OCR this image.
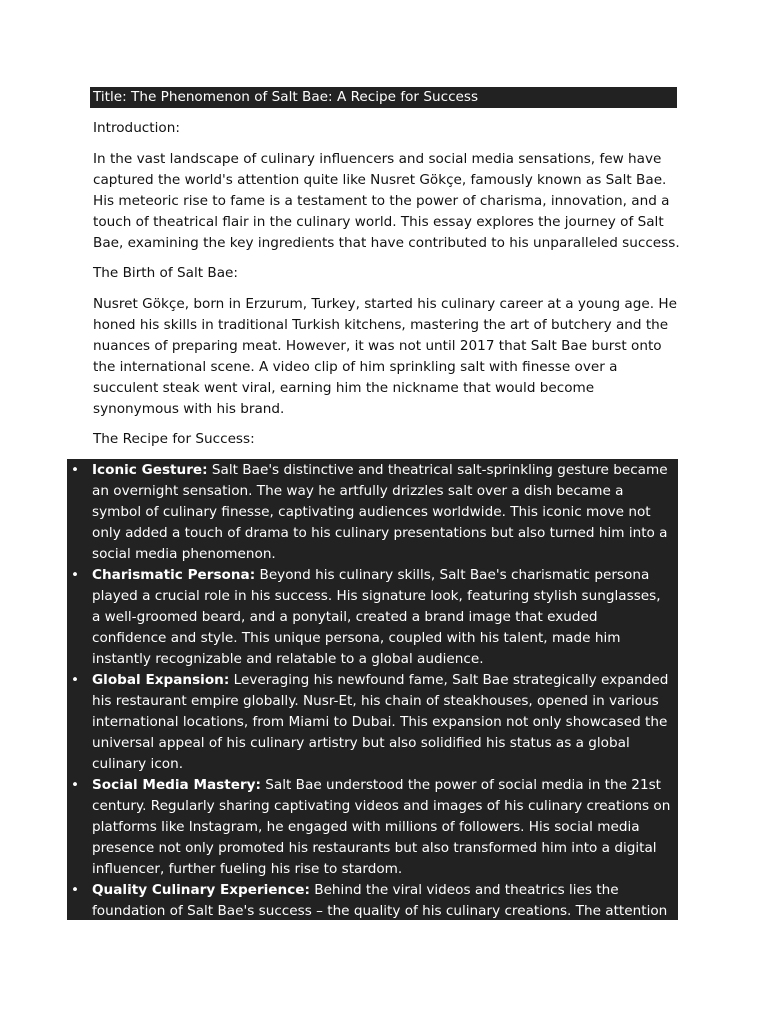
Title: The Phenomenon of Salt Bae: A Recipe for Success

Introduction:

In the vast landscape of culinary influencers and social media sensations, few have captured the world's attention quite like Nusret Gökçe, famously known as Salt Bae. His meteoric rise to fame is a testament to the power of charisma, innovation, and a touch of theatrical flair in the culinary world. This essay explores the journey of Salt Bae, examining the key ingredients that have contributed to his unparalleled success.

The Birth of Salt Bae:

Nusret Gökçe, born in Erzurum, Turkey, started his culinary career at a young age. He honed his skills in traditional Turkish kitchens, mastering the art of butchery and the nuances of preparing meat. However, it was not until 2017 that Salt Bae burst onto the international scene. A video clip of him sprinkling salt with finesse over a succulent steak went viral, earning him the nickname that would become synonymous with his brand.

The Recipe for Success:

• Iconic Gesture: Salt Bae's distinctive and theatrical salt-sprinkling gesture became an overnight sensation. The way he artfully drizzles salt over a dish became a symbol of culinary finesse, captivating audiences worldwide. This iconic move not only added a touch of drama to his culinary presentations but also turned him into a social media phenomenon.
• Charismatic Persona: Beyond his culinary skills, Salt Bae's charismatic persona played a crucial role in his success. His signature look, featuring stylish sunglasses, a well-groomed beard, and a ponytail, created a brand image that exuded confidence and style. This unique persona, coupled with his talent, made him instantly recognizable and relatable to a global audience.
• Global Expansion: Leveraging his newfound fame, Salt Bae strategically expanded his restaurant empire globally. Nusr-Et, his chain of steakhouses, opened in various international locations, from Miami to Dubai. This expansion not only showcased the universal appeal of his culinary artistry but also solidified his status as a global culinary icon.
• Social Media Mastery: Salt Bae understood the power of social media in the 21st century. Regularly sharing captivating videos and images of his culinary creations on platforms like Instagram, he engaged with millions of followers. His social media presence not only promoted his restaurants but also transformed him into a digital influencer, further fueling his rise to stardom.
• Quality Culinary Experience: Behind the viral videos and theatrics lies the foundation of Salt Bae's success – the quality of his culinary creations. The attention
